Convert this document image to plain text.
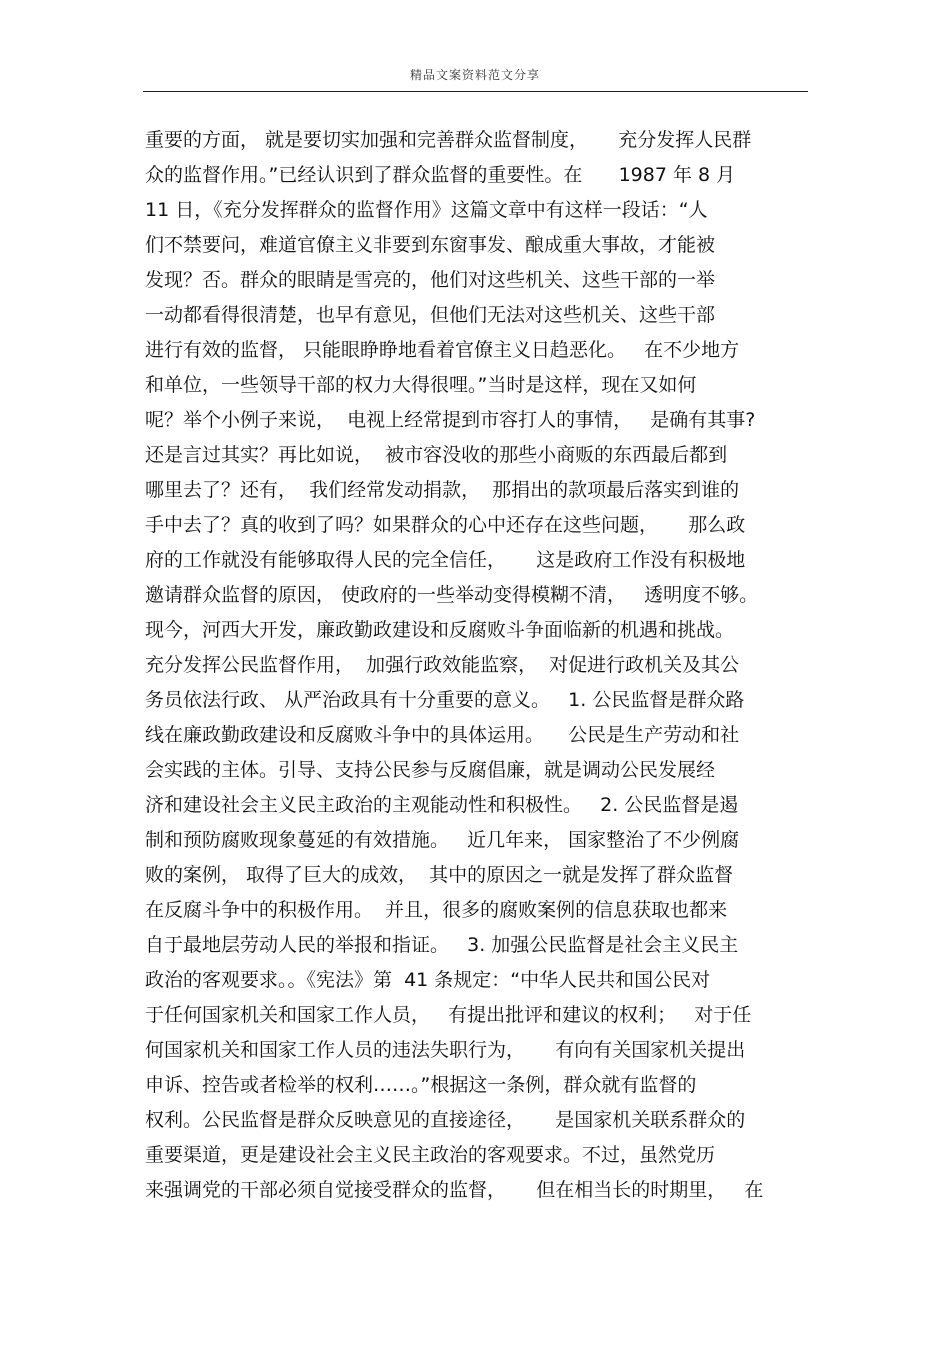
精品文案资料范文分享
重要的方面， 就是要切实加强和完善群众监督制度，     充分发挥人民群
众的监督作用。”已经认识到了群众监督的重要性。在      1987 年 8 月
11 日，《充分发挥群众的监督作用》这篇文章中有这样一段话：“人
们不禁要问，难道官僚主义非要到东窗事发、酿成重大事故，才能被
发现？否。群众的眼睛是雪亮的，他们对这些机关、这些干部的一举
一动都看得很清楚，也早有意见，但他们无法对这些机关、这些干部
进行有效的监督， 只能眼睁睁地看着官僚主义日趋恶化。   在不少地方
和单位，一些领导干部的权力大得很哩。”当时是这样，现在又如何
呢？举个小例子来说，  电视上经常提到市容打人的事情，   是确有其事?
还是言过其实？再比如说，  被市容没收的那些小商贩的东西最后都到
哪里去了？还有，  我们经常发动捐款，  那捐出的款项最后落实到谁的
手中去了？真的收到了吗？如果群众的心中还存在这些问题，     那么政
府的工作就没有能够取得人民的完全信任，     这是政府工作没有积极地
邀请群众监督的原因， 使政府的一些举动变得模糊不清，   透明度不够。
现今，河西大开发，廉政勤政建设和反腐败斗争面临新的机遇和挑战。
充分发挥公民监督作用，  加强行政效能监察，  对促进行政机关及其公
务员依法行政、 从严治政具有十分重要的意义。   1. 公民监督是群众路
线在廉政勤政建设和反腐败斗争中的具体运用。    公民是生产劳动和社
会实践的主体。引导、支持公民参与反腐倡廉，就是调动公民发展经
济和建设社会主义民主政治的主观能动性和积极性。   2. 公民监督是遏
制和预防腐败现象蔓延的有效措施。   近几年来， 国家整治了不少例腐
败的案例， 取得了巨大的成效，  其中的原因之一就是发挥了群众监督
在反腐斗争中的积极作用。  并且，很多的腐败案例的信息获取也都来
自于最地层劳动人民的举报和指证。   3. 加强公民监督是社会主义民主
政治的客观要求。。《宪法》第  41 条规定：“中华人民共和国公民对
于任何国家机关和国家工作人员，   有提出批评和建议的权利；   对于任
何国家机关和国家工作人员的违法失职行为，     有向有关国家机关提出
申诉、控告或者检举的权利……。”根据这一条例，群众就有监督的
权利。公民监督是群众反映意见的直接途径，     是国家机关联系群众的
重要渠道，更是建设社会主义民主政治的客观要求。不过，虽然党历
来强调党的干部必须自觉接受群众的监督，     但在相当长的时期里，   在
